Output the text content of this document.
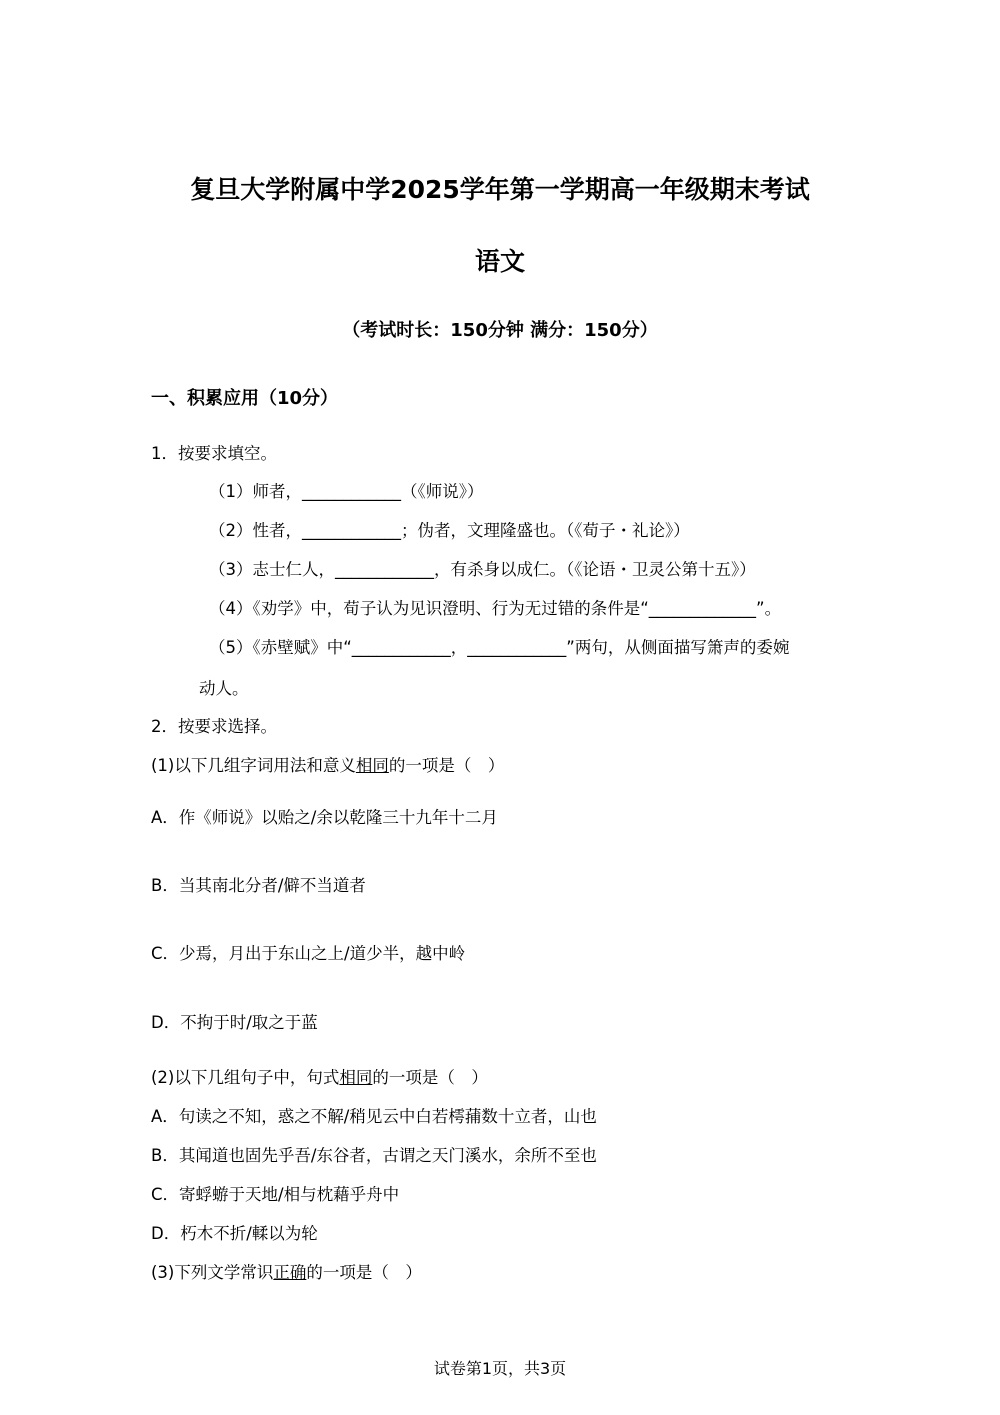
复旦大学附属中学2025学年第一学期高一年级期末考试
语文
（考试时长：150分钟 满分：150分）
一、积累应用（10分）
1．按要求填空。
（1）师者，____________（《师说》）
（2）性者，____________；伪者，文理隆盛也。（《荀子・礼论》）
（3）志士仁人，____________，有杀身以成仁。（《论语・卫灵公第十五》）
（4）《劝学》中，荀子认为见识澄明、行为无过错的条件是“_____________”。
（5）《赤壁赋》中“____________，____________”两句，从侧面描写箫声的委婉
动人。
2．按要求选择。
(1)以下几组字词用法和意义相同的一项是（　）
A．作《师说》以贻之/余以乾隆三十九年十二月
B．当其南北分者/僻不当道者
C．少焉，月出于东山之上/道少半，越中岭
D．不拘于时/取之于蓝
(2)以下几组句子中，句式相同的一项是（　）
A．句读之不知，惑之不解/稍见云中白若樗蒱数十立者，山也
B．其闻道也固先乎吾/东谷者，古谓之天门溪水，余所不至也
C．寄蜉蝣于天地/相与枕藉乎舟中
D．朽木不折/輮以为轮
(3)下列文学常识正确的一项是（　）
试卷第1页，共3页
